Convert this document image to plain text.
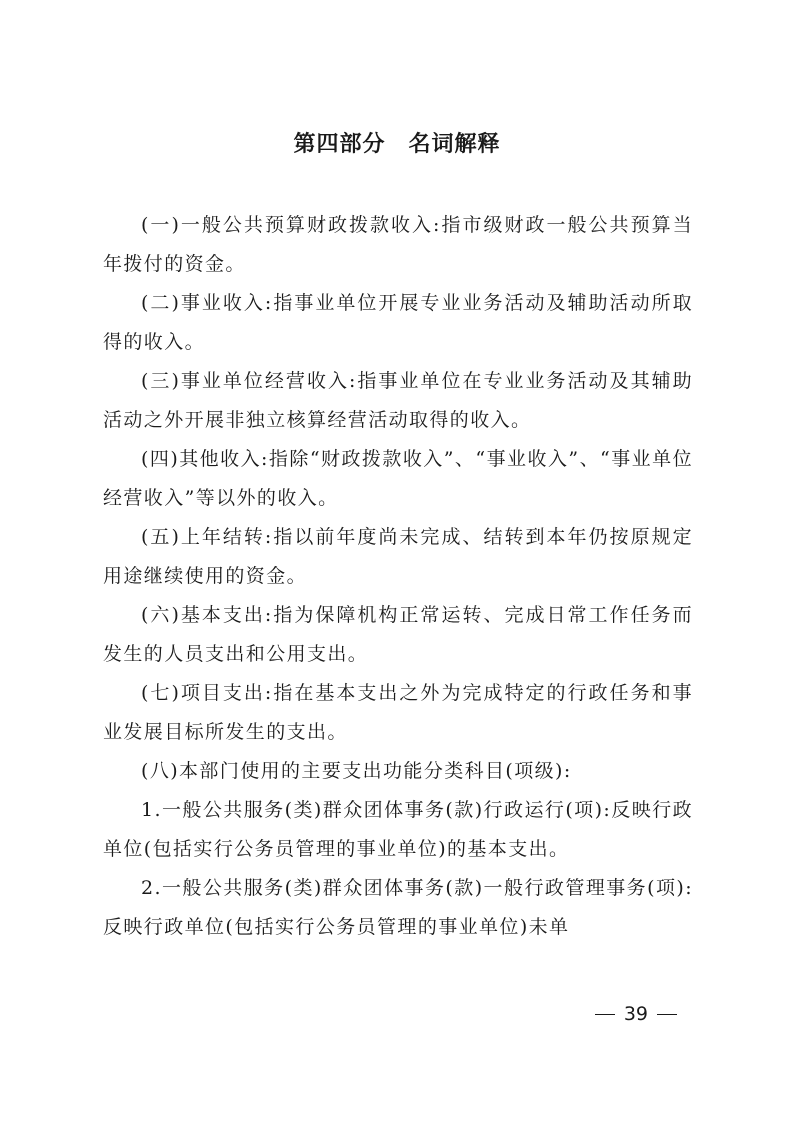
第四部分　名词解释

(一)一般公共预算财政拨款收入:指市级财政一般公共预算当年拨付的资金。

(二)事业收入:指事业单位开展专业业务活动及辅助活动所取得的收入。

(三)事业单位经营收入:指事业单位在专业业务活动及其辅助活动之外开展非独立核算经营活动取得的收入。

(四)其他收入:指除“财政拨款收入”、“事业收入”、“事业单位经营收入”等以外的收入。

(五)上年结转:指以前年度尚未完成、结转到本年仍按原规定用途继续使用的资金。

(六)基本支出:指为保障机构正常运转、完成日常工作任务而发生的人员支出和公用支出。

(七)项目支出:指在基本支出之外为完成特定的行政任务和事业发展目标所发生的支出。

(八)本部门使用的主要支出功能分类科目(项级):

1.一般公共服务(类)群众团体事务(款)行政运行(项):反映行政单位(包括实行公务员管理的事业单位)的基本支出。

2.一般公共服务(类)群众团体事务(款)一般行政管理事务(项):反映行政单位(包括实行公务员管理的事业单位)未单

39
